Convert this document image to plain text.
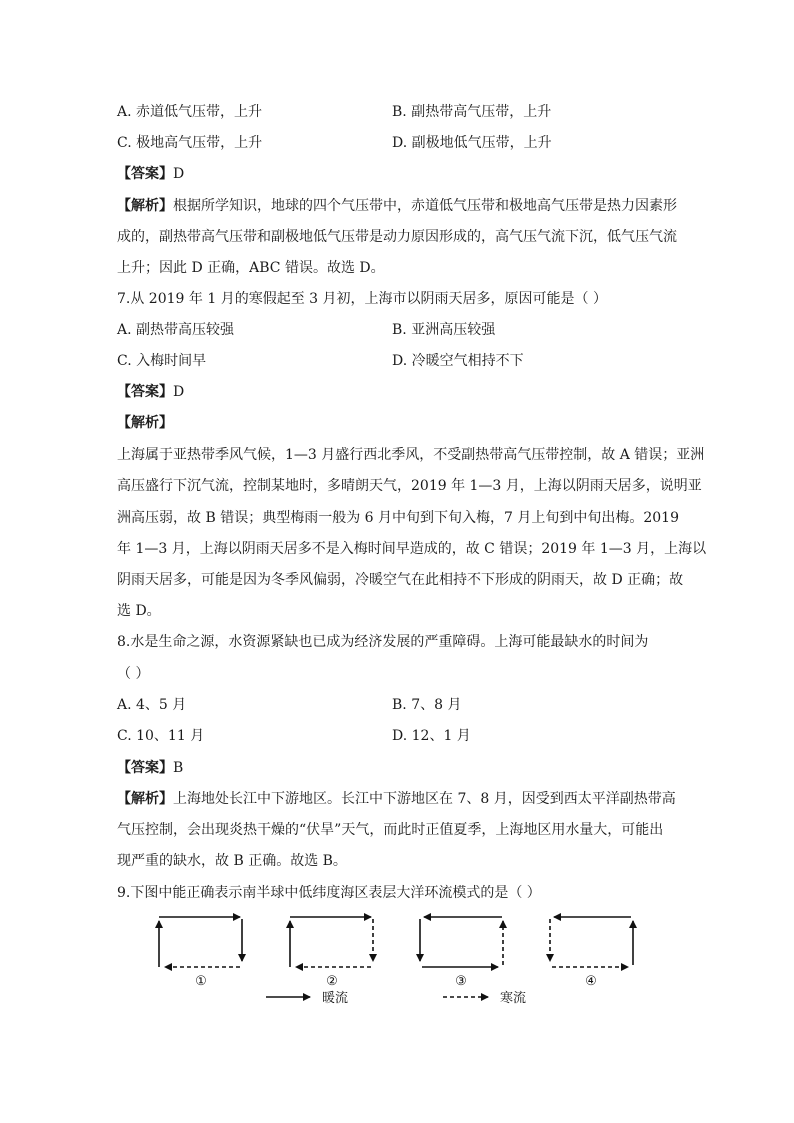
A. 赤道低气压带，上升	B. 副热带高气压带，上升
C. 极地高气压带，上升	D. 副极地低气压带，上升
【答案】D
【解析】根据所学知识，地球的四个气压带中，赤道低气压带和极地高气压带是热力因素形
成的，副热带高气压带和副极地低气压带是动力原因形成的，高气压气流下沉，低气压气流
上升；因此 D 正确，ABC 错误。故选 D。
7.从 2019 年 1 月的寒假起至 3 月初，上海市以阴雨天居多，原因可能是（ ）
A. 副热带高压较强	B. 亚洲高压较强
C. 入梅时间早	D. 冷暖空气相持不下
【答案】D
【解析】
上海属于亚热带季风气候，1—3 月盛行西北季风，不受副热带高气压带控制，故 A 错误；亚洲
高压盛行下沉气流，控制某地时，多晴朗天气，2019 年 1—3 月，上海以阴雨天居多，说明亚
洲高压弱，故 B 错误；典型梅雨一般为 6 月中旬到下旬入梅，7 月上旬到中旬出梅。2019
年 1—3 月，上海以阴雨天居多不是入梅时间早造成的，故 C 错误；2019 年 1—3 月，上海以
阴雨天居多，可能是因为冬季风偏弱，冷暖空气在此相持不下形成的阴雨天，故 D 正确；故
选 D。
8.水是生命之源，水资源紧缺也已成为经济发展的严重障碍。上海可能最缺水的时间为
（ ）
A. 4、5 月	B. 7、8 月
C. 10、11 月	D. 12、1 月
【答案】B
【解析】上海地处长江中下游地区。长江中下游地区在 7、8 月，因受到西太平洋副热带高
气压控制，会出现炎热干燥的“伏旱”天气，而此时正值夏季，上海地区用水量大，可能出
现严重的缺水，故 B 正确。故选 B。
9.下图中能正确表示南半球中低纬度海区表层大洋环流模式的是（ ）
①	②	③	④
暖流	寒流
